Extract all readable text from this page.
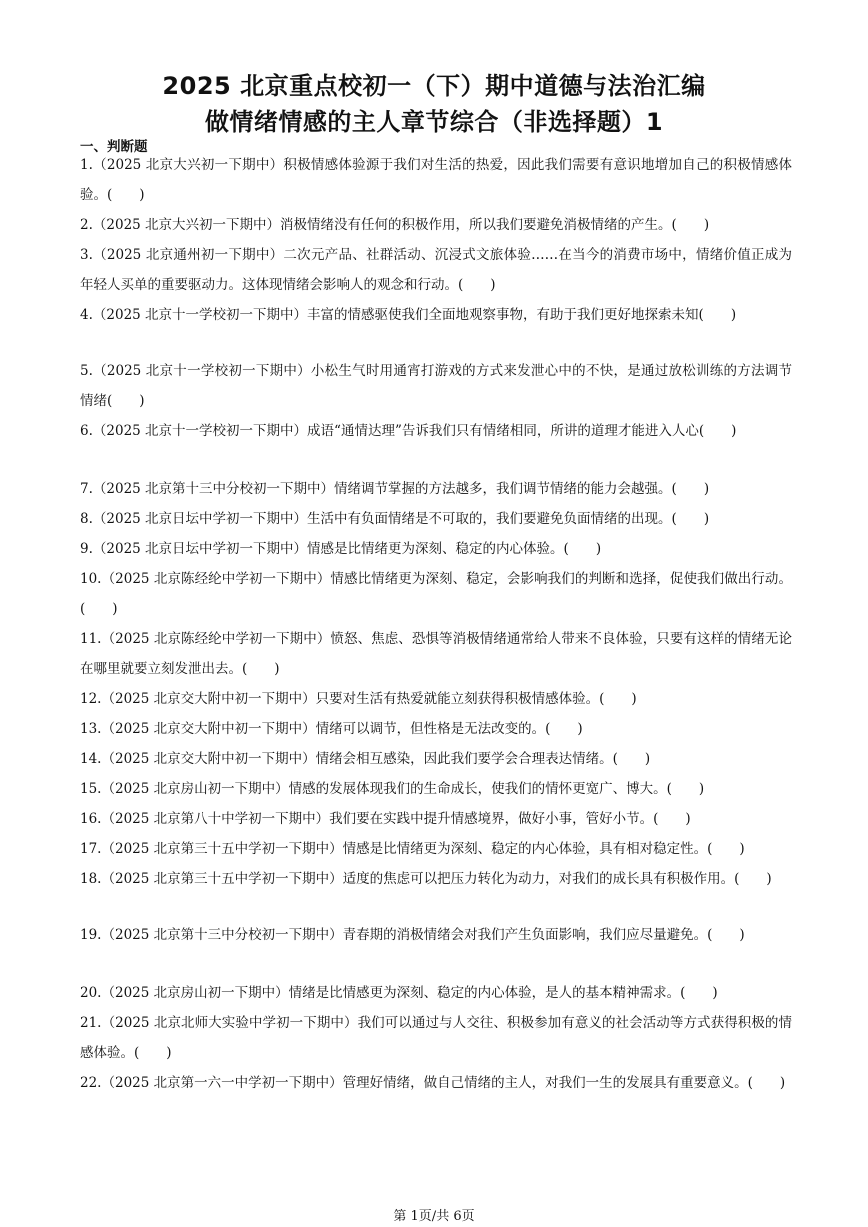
2025 北京重点校初一（下）期中道德与法治汇编
做情绪情感的主人章节综合（非选择题）1
一、判断题
1.（2025 北京大兴初一下期中）积极情感体验源于我们对生活的热爱，因此我们需要有意识地增加自己的积极情感体验。(　　)
2.（2025 北京大兴初一下期中）消极情绪没有任何的积极作用，所以我们要避免消极情绪的产生。(　　)
3.（2025 北京通州初一下期中）二次元产品、社群活动、沉浸式文旅体验……在当今的消费市场中，情绪价值正成为年轻人买单的重要驱动力。这体现情绪会影响人的观念和行动。(　　)
4.（2025 北京十一学校初一下期中）丰富的情感驱使我们全面地观察事物，有助于我们更好地探索未知(　　)
5.（2025 北京十一学校初一下期中）小松生气时用通宵打游戏的方式来发泄心中的不快，是通过放松训练的方法调节情绪(　　)
6.（2025 北京十一学校初一下期中）成语“通情达理”告诉我们只有情绪相同，所讲的道理才能进入人心(　　)
7.（2025 北京第十三中分校初一下期中）情绪调节掌握的方法越多，我们调节情绪的能力会越强。(　　)
8.（2025 北京日坛中学初一下期中）生活中有负面情绪是不可取的，我们要避免负面情绪的出现。(　　)
9.（2025 北京日坛中学初一下期中）情感是比情绪更为深刻、稳定的内心体验。(　　)
10.（2025 北京陈经纶中学初一下期中）情感比情绪更为深刻、稳定，会影响我们的判断和选择，促使我们做出行动。(　　)
11.（2025 北京陈经纶中学初一下期中）愤怒、焦虑、恐惧等消极情绪通常给人带来不良体验，只要有这样的情绪无论在哪里就要立刻发泄出去。(　　)
12.（2025 北京交大附中初一下期中）只要对生活有热爱就能立刻获得积极情感体验。(　　)
13.（2025 北京交大附中初一下期中）情绪可以调节，但性格是无法改变的。(　　)
14.（2025 北京交大附中初一下期中）情绪会相互感染，因此我们要学会合理表达情绪。(　　)
15.（2025 北京房山初一下期中）情感的发展体现我们的生命成长，使我们的情怀更宽广、博大。(　　)
16.（2025 北京第八十中学初一下期中）我们要在实践中提升情感境界，做好小事，管好小节。(　　)
17.（2025 北京第三十五中学初一下期中）情感是比情绪更为深刻、稳定的内心体验，具有相对稳定性。(　　)
18.（2025 北京第三十五中学初一下期中）适度的焦虑可以把压力转化为动力，对我们的成长具有积极作用。(　　)
19.（2025 北京第十三中分校初一下期中）青春期的消极情绪会对我们产生负面影响，我们应尽量避免。(　　)
20.（2025 北京房山初一下期中）情绪是比情感更为深刻、稳定的内心体验，是人的基本精神需求。(　　)
21.（2025 北京北师大实验中学初一下期中）我们可以通过与人交往、积极参加有意义的社会活动等方式获得积极的情感体验。(　　)
22.（2025 北京第一六一中学初一下期中）管理好情绪，做自己情绪的主人，对我们一生的发展具有重要意义。(　　)
第 1页/共 6页
